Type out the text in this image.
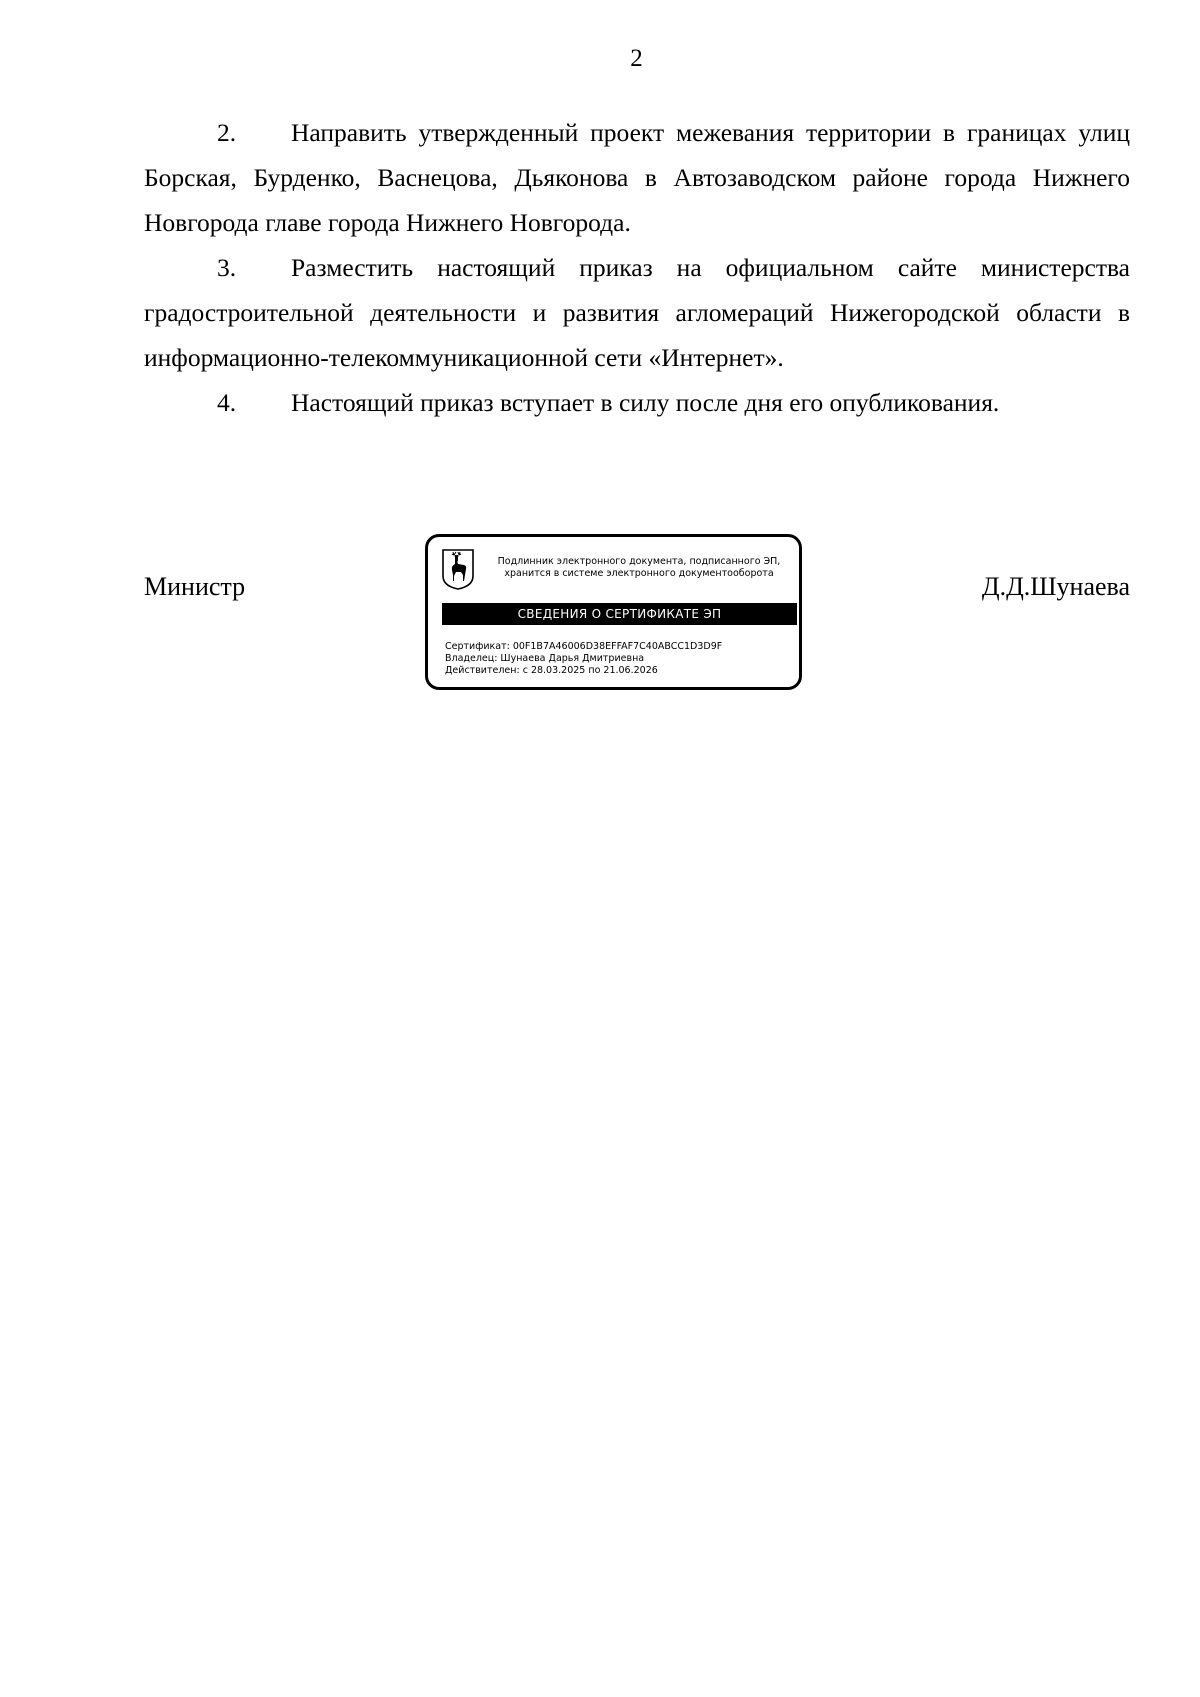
2

2. Направить утвержденный проект межевания территории в границах улиц Борская, Бурденко, Васнецова, Дьяконова в Автозаводском районе города Нижнего Новгорода главе города Нижнего Новгорода.

3. Разместить настоящий приказ на официальном сайте министерства градостроительной деятельности и развития агломераций Нижегородской области в информационно-телекоммуникационной сети «Интернет».

4. Настоящий приказ вступает в силу после дня его опубликования.

Министр	Д.Д.Шунаева
Подлинник электронного документа, подписанного ЭП,
хранится в системе электронного документооборота
СВЕДЕНИЯ О СЕРТИФИКАТЕ ЭП
Сертификат: 00F1B7A46006D38EFFAF7C40ABCC1D3D9F
Владелец: Шунаева Дарья Дмитриевна
Действителен: с 28.03.2025 по 21.06.2026
